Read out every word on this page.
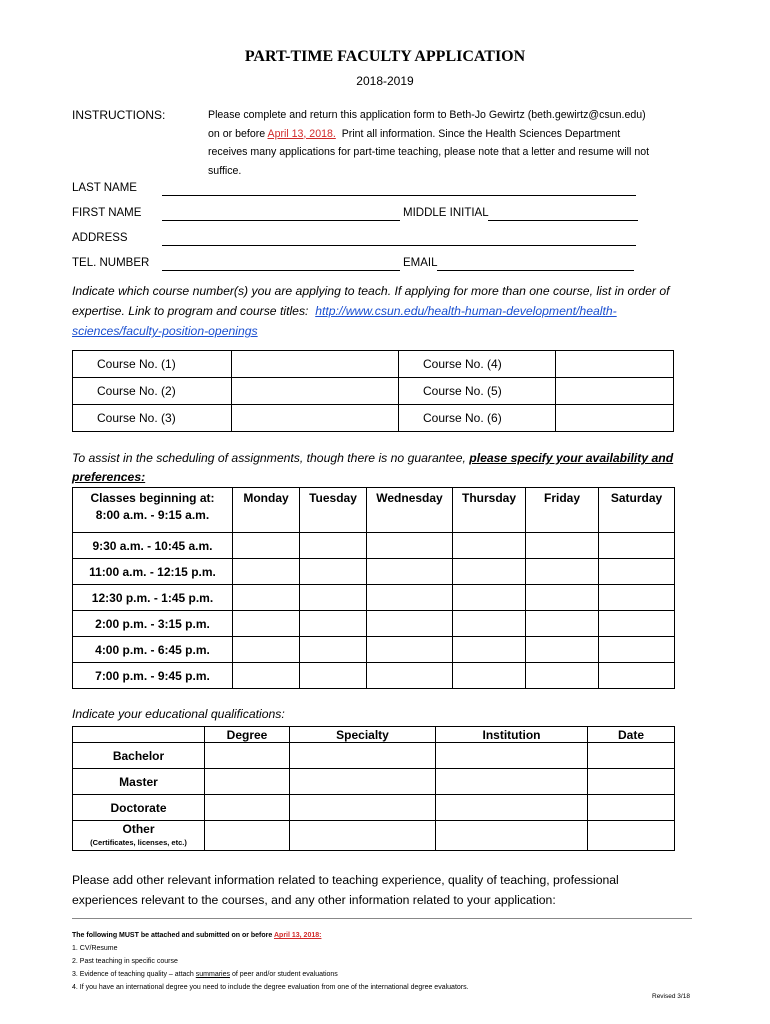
PART-TIME FACULTY APPLICATION
2018-2019
INSTRUCTIONS:	Please complete and return this application form to Beth-Jo Gewirtz (beth.gewirtz@csun.edu)
on or before April 13, 2018. Print all information. Since the Health Sciences Department
receives many applications for part-time teaching, please note that a letter and resume will not
suffice.
LAST NAME
FIRST NAME	MIDDLE INITIAL
ADDRESS
TEL. NUMBER	EMAIL
Indicate which course number(s) you are applying to teach. If applying for more than one course, list in order of
expertise. Link to program and course titles: http://www.csun.edu/health-human-development/health-
sciences/faculty-position-openings
Course No. (1)		Course No. (4)	
Course No. (2)		Course No. (5)	
Course No. (3)		Course No. (6)	
To assist in the scheduling of assignments, though there is no guarantee, please specify your availability and
preferences:
Classes beginning at:
8:00 a.m. - 9:15 a.m.	Monday	Tuesday	Wednesday	Thursday	Friday	Saturday
9:30 a.m. - 10:45 a.m.						
11:00 a.m. - 12:15 p.m.						
12:30 p.m. - 1:45 p.m.						
2:00 p.m. - 3:15 p.m.						
4:00 p.m. - 6:45 p.m.						
7:00 p.m. - 9:45 p.m.						
Indicate your educational qualifications:
	Degree	Specialty	Institution	Date
Bachelor				
Master				
Doctorate				

Other
(Certificates, licenses, etc.)				

Please add other relevant information related to teaching experience, quality of teaching, professional
experiences relevant to the courses, and any other information related to your application:
The following MUST be attached and submitted on or before April 13, 2018:
1. CV/Resume
2. Past teaching in specific course
3. Evidence of teaching quality – attach summaries of peer and/or student evaluations
4. If you have an international degree you need to include the degree evaluation from one of the international degree evaluators.
Revised 3/18
